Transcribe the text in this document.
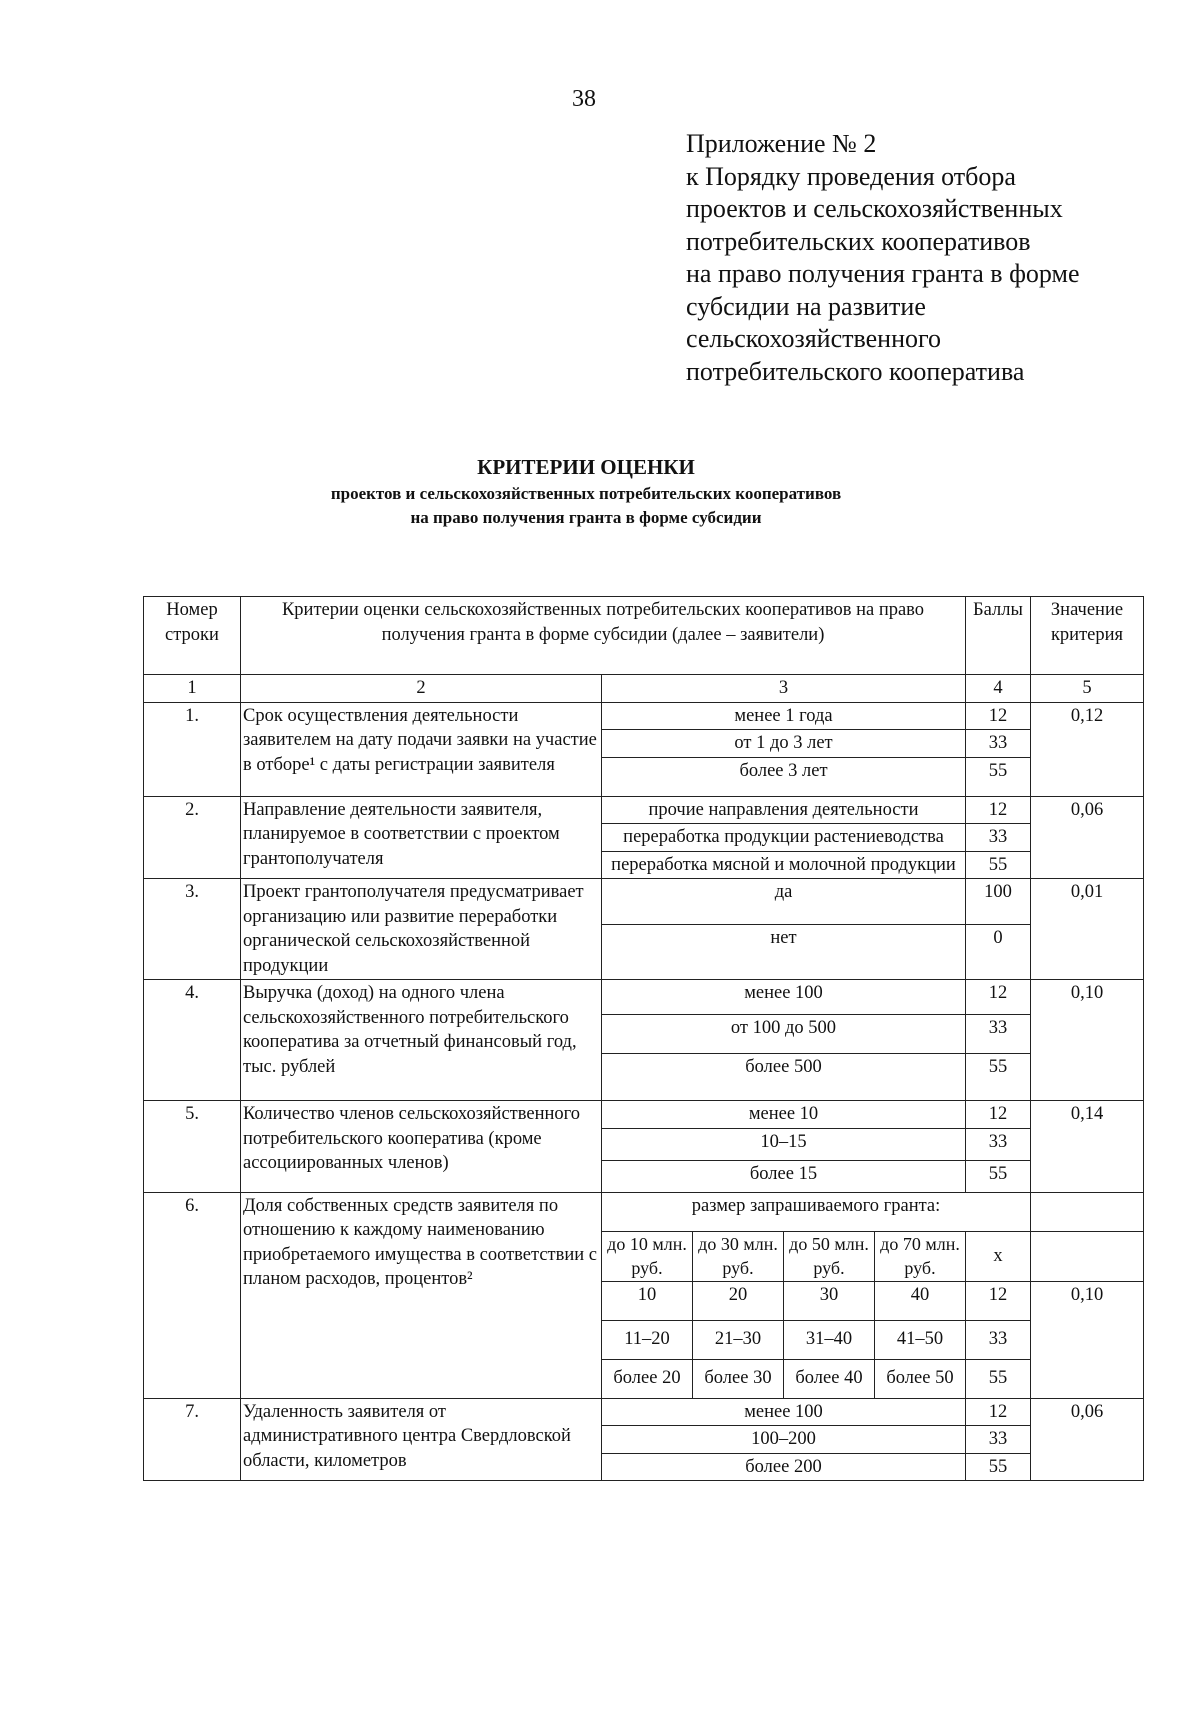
38
Приложение № 2
к Порядку проведения отбора
проектов и сельскохозяйственных
потребительских кооперативов
на право получения гранта в форме
субсидии на развитие
сельскохозяйственного
потребительского кооператива
КРИТЕРИИ ОЦЕНКИ
проектов и сельскохозяйственных потребительских кооперативов
на право получения гранта в форме субсидии
Номер строки	Критерии оценки сельскохозяйственных потребительских кооперативов на право получения гранта в форме субсидии (далее – заявители)					Баллы	Значение критерия
1	2	3				4	5
1.	Срок осуществления деятельности заявителем на дату подачи заявки на участие в отборе¹ с даты регистрации заявителя	менее 1 года				12	0,12
		от 1 до 3 лет				33	
		более 3 лет				55	
2.	Направление деятельности заявителя, планируемое в соответствии с проектом грантополучателя	прочие направления деятельности				12	0,06
		переработка продукции растениеводства				33	
		переработка мясной и молочной продукции				55	
3.	Проект грантополучателя предусматривает организацию или развитие переработки органической сельскохозяйственной продукции	да				100	0,01
		нет				0	
4.	Выручка (доход) на одного члена сельскохозяйственного потребительского кооператива за отчетный финансовый год, тыс. рублей	менее 100				12	0,10
		от 100 до 500				33	
		более 500				55	
5.	Количество членов сельскохозяйственного потребительского кооператива (кроме ассоциированных членов)	менее 10				12	0,14
		10–15				33	
		более 15				55	
6.	Доля собственных средств заявителя по отношению к каждому наименованию приобретаемого имущества в соответствии с планом расходов, процентов²	размер запрашиваемого гранта:					
		до 10 млн. руб.	до 30 млн. руб.	до 50 млн. руб.	до 70 млн. руб.	x	
		10	20	30	40	12	0,10
		11–20	21–30	31–40	41–50	33	
		более 20	более 30	более 40	более 50	55	
7.	Удаленность заявителя от административного центра Свердловской области, километров	менее 100				12	0,06
		100–200				33	
		более 200				55	
